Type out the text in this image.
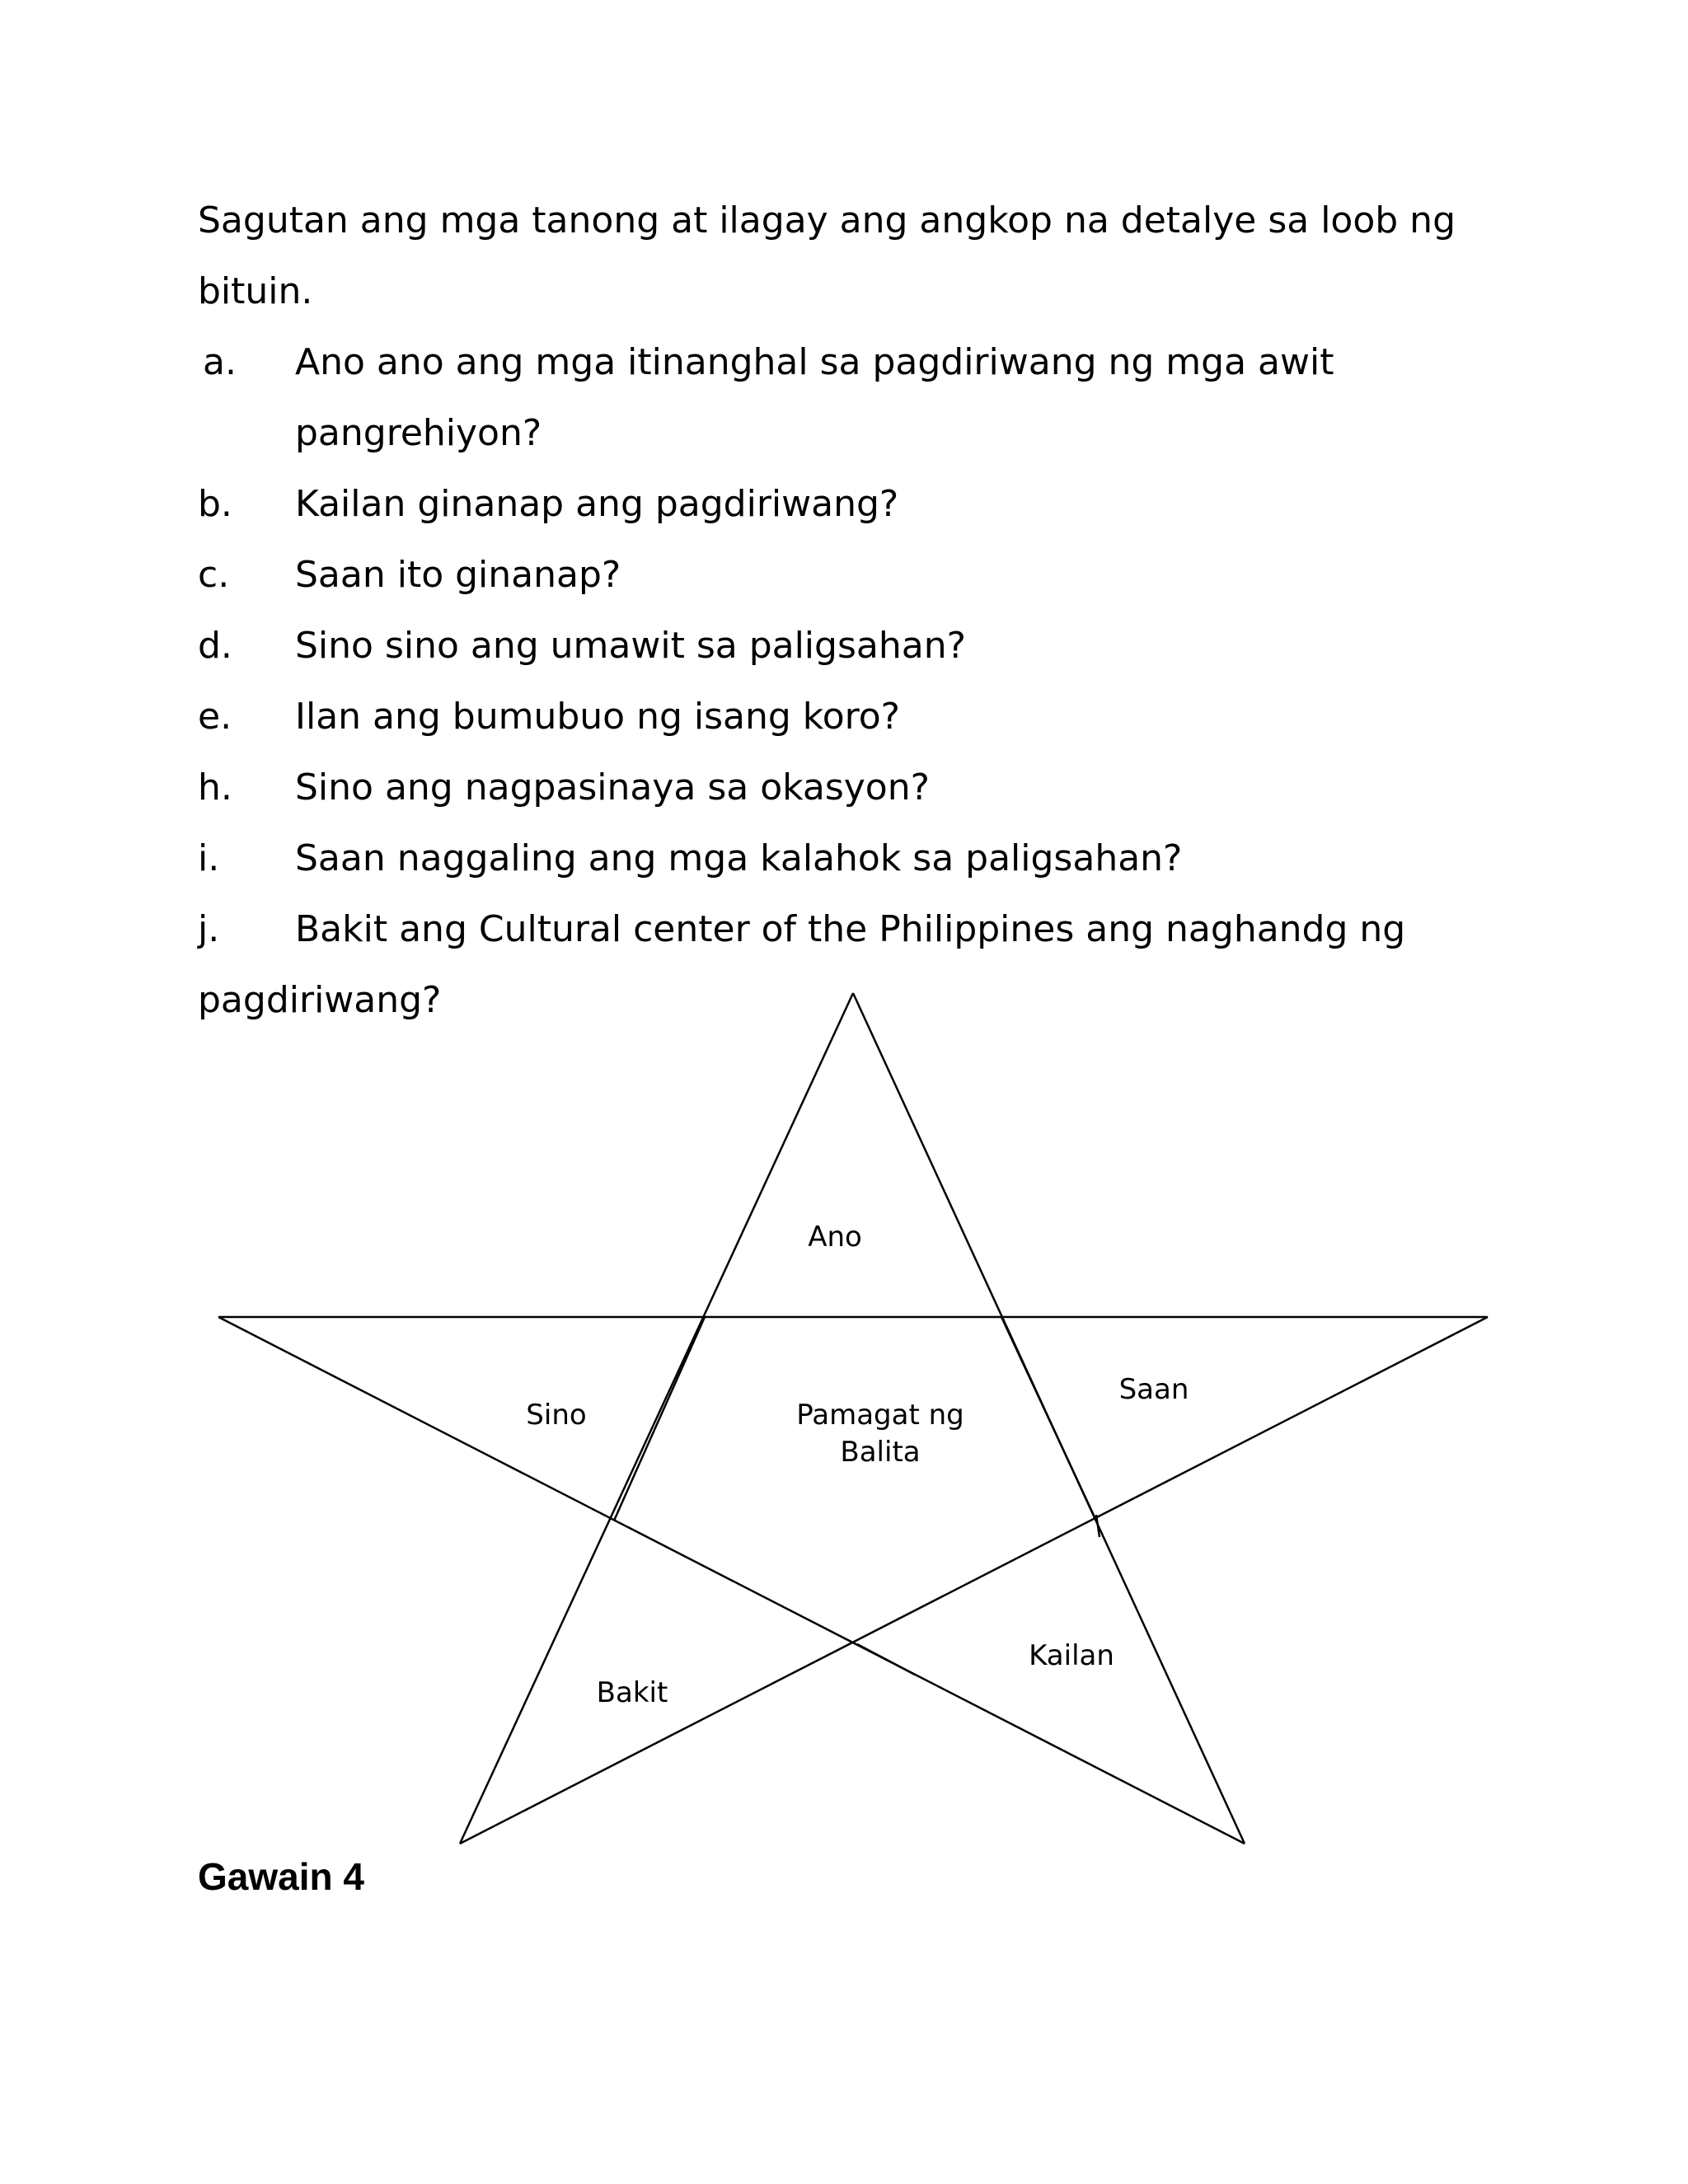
Sagutan ang mga tanong at ilagay ang angkop na detalye sa loob ng bituin.
a. Ano ano ang mga itinanghal sa pagdiriwang ng mga awit
pangrehiyon?
b. Kailan ginanap ang pagdiriwang?
c. Saan ito ginanap?
d. Sino sino ang umawit sa paligsahan?
e. Ilan ang bumubuo ng isang koro?
h. Sino ang nagpasinaya sa okasyon?
i. Saan naggaling ang mga kalahok sa paligsahan?
j. Bakit ang Cultural center of the Philippines ang naghandg ng
pagdiriwang?
Ano
Pamagat ng
Balita
Sino
Saan
Bakit
Kailan
Gawain 4
